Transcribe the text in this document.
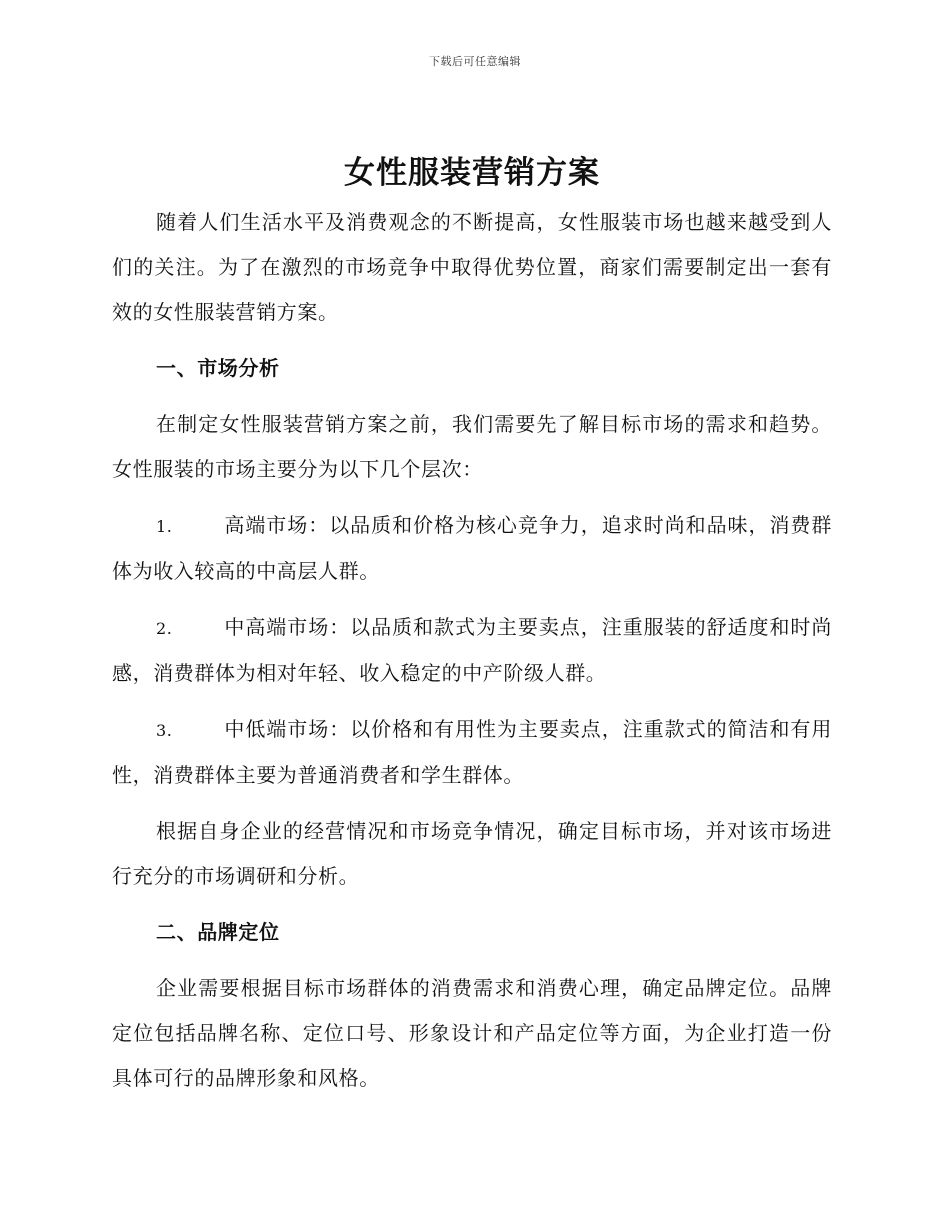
下载后可任意编辑
女性服装营销方案

随着人们生活水平及消费观念的不断提高，女性服装市场也越来越受到人们的关注。为了在激烈的市场竞争中取得优势位置，商家们需要制定出一套有效的女性服装营销方案。

一、市场分析

在制定女性服装营销方案之前，我们需要先了解目标市场的需求和趋势。女性服装的市场主要分为以下几个层次：

1.	高端市场：以品质和价格为核心竞争力，追求时尚和品味，消费群体为收入较高的中高层人群。

2.	中高端市场：以品质和款式为主要卖点，注重服装的舒适度和时尚感，消费群体为相对年轻、收入稳定的中产阶级人群。

3.	中低端市场：以价格和有用性为主要卖点，注重款式的简洁和有用性，消费群体主要为普通消费者和学生群体。

根据自身企业的经营情况和市场竞争情况，确定目标市场，并对该市场进行充分的市场调研和分析。

二、品牌定位

企业需要根据目标市场群体的消费需求和消费心理，确定品牌定位。品牌定位包括品牌名称、定位口号、形象设计和产品定位等方面，为企业打造一份具体可行的品牌形象和风格。
